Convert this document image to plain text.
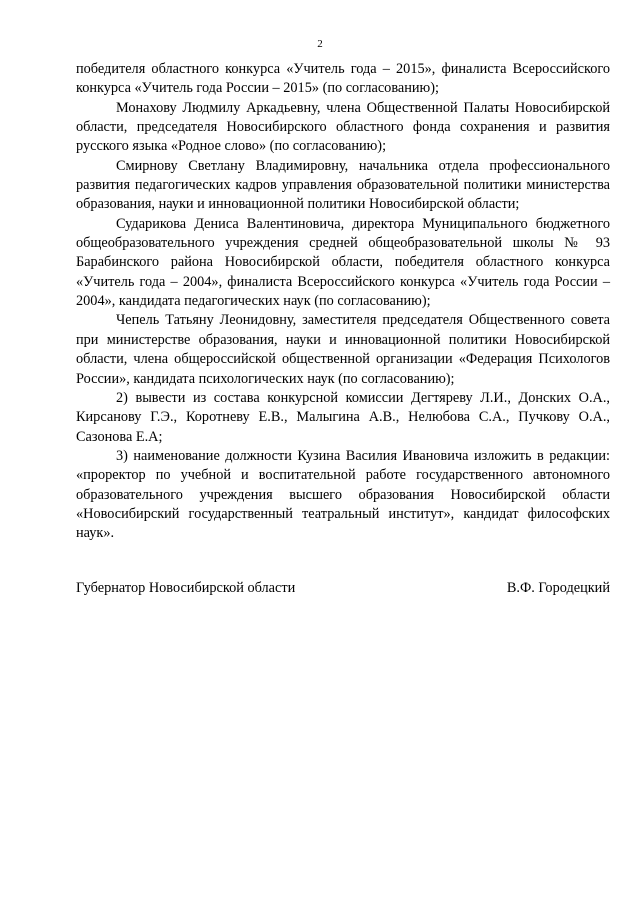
2

победителя областного конкурса «Учитель года – 2015», финалиста Всероссийского конкурса «Учитель года России – 2015» (по согласованию);

Монахову Людмилу Аркадьевну, члена Общественной Палаты Новосибирской области, председателя Новосибирского областного фонда сохранения и развития русского языка «Родное слово» (по согласованию);

Смирнову Светлану Владимировну, начальника отдела профессионального развития педагогических кадров управления образовательной политики министерства образования, науки и инновационной политики Новосибирской области;

Сударикова Дениса Валентиновича, директора Муниципального бюджетного общеобразовательного учреждения средней общеобразовательной школы № 93 Барабинского района Новосибирской области, победителя областного конкурса «Учитель года – 2004», финалиста Всероссийского конкурса «Учитель года России – 2004», кандидата педагогических наук (по согласованию);

Чепель Татьяну Леонидовну, заместителя председателя Общественного совета при министерстве образования, науки и инновационной политики Новосибирской области, члена общероссийской общественной организации «Федерация Психологов России», кандидата психологических наук (по согласованию);

2) вывести из состава конкурсной комиссии Дегтяреву Л.И., Донских О.А., Кирсанову Г.Э., Коротневу Е.В., Малыгина А.В., Нелюбова С.А., Пучкову О.А., Сазонова Е.А;

3) наименование должности Кузина Василия Ивановича изложить в редакции: «проректор по учебной и воспитательной работе государственного автономного образовательного учреждения высшего образования Новосибирской области «Новосибирский государственный театральный институт», кандидат философских наук».

Губернатор Новосибирской области	В.Ф. Городецкий
